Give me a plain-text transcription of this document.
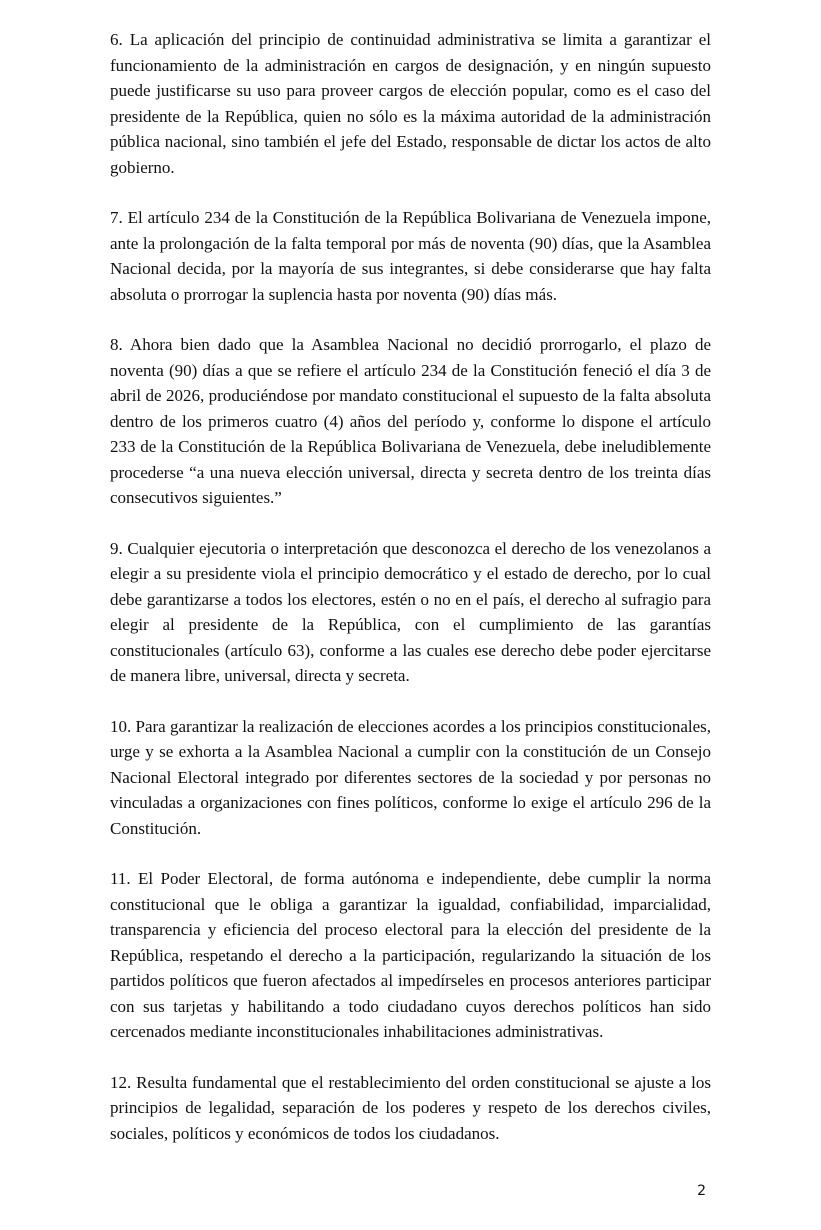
6. La aplicación del principio de continuidad administrativa se limita a garantizar el funcionamiento de la administración en cargos de designación, y en ningún supuesto puede justificarse su uso para proveer cargos de elección popular, como es el caso del presidente de la República, quien no sólo es la máxima autoridad de la administración pública nacional, sino también el jefe del Estado, responsable de dictar los actos de alto gobierno.

7. El artículo 234 de la Constitución de la República Bolivariana de Venezuela impone, ante la prolongación de la falta temporal por más de noventa (90) días, que la Asamblea Nacional decida, por la mayoría de sus integrantes, si debe considerarse que hay falta absoluta o prorrogar la suplencia hasta por noventa (90) días más.

8. Ahora bien dado que la Asamblea Nacional no decidió prorrogarlo, el plazo de noventa (90) días a que se refiere el artículo 234 de la Constitución feneció el día 3 de abril de 2026, produciéndose por mandato constitucional el supuesto de la falta absoluta dentro de los primeros cuatro (4) años del período y, conforme lo dispone el artículo 233 de la Constitución de la República Bolivariana de Venezuela, debe ineludiblemente procederse “a una nueva elección universal, directa y secreta dentro de los treinta días consecutivos siguientes.”

9. Cualquier ejecutoria o interpretación que desconozca el derecho de los venezolanos a elegir a su presidente viola el principio democrático y el estado de derecho, por lo cual debe garantizarse a todos los electores, estén o no en el país, el derecho al sufragio para elegir al presidente de la República, con el cumplimiento de las garantías constitucionales (artículo 63), conforme a las cuales ese derecho debe poder ejercitarse de manera libre, universal, directa y secreta.

10. Para garantizar la realización de elecciones acordes a los principios constitucionales, urge y se exhorta a la Asamblea Nacional a cumplir con la constitución de un Consejo Nacional Electoral integrado por diferentes sectores de la sociedad y por personas no vinculadas a organizaciones con fines políticos, conforme lo exige el artículo 296 de la Constitución.

11. El Poder Electoral, de forma autónoma e independiente, debe cumplir la norma constitucional que le obliga a garantizar la igualdad, confiabilidad, imparcialidad, transparencia y eficiencia del proceso electoral para la elección del presidente de la República, respetando el derecho a la participación, regularizando la situación de los partidos políticos que fueron afectados al impedírseles en procesos anteriores participar con sus tarjetas y habilitando a todo ciudadano cuyos derechos políticos han sido cercenados mediante inconstitucionales inhabilitaciones administrativas.

12. Resulta fundamental que el restablecimiento del orden constitucional se ajuste a los principios de legalidad, separación de los poderes y respeto de los derechos civiles, sociales, políticos y económicos de todos los ciudadanos.

2
